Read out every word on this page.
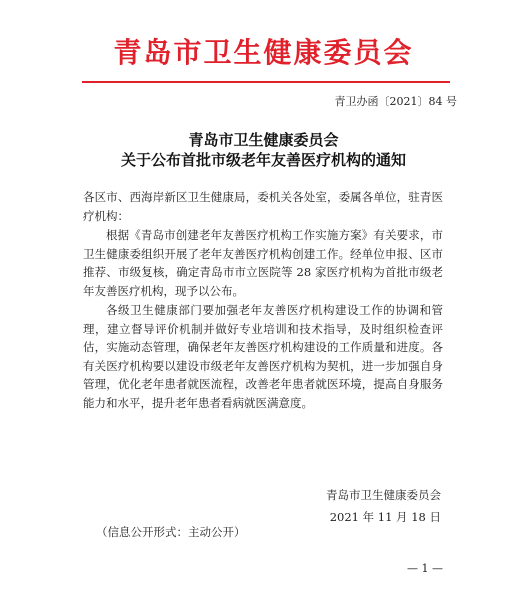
青岛市卫生健康委员会
青卫办函〔2021〕84 号
青岛市卫生健康委员会
关于公布首批市级老年友善医疗机构的通知

各区市、西海岸新区卫生健康局，委机关各处室，委属各单位，驻青医疗机构：

根据《青岛市创建老年友善医疗机构工作实施方案》有关要求，市卫生健康委组织开展了老年友善医疗机构创建工作。经单位申报、区市推荐、市级复核，确定青岛市市立医院等 28 家医疗机构为首批市级老年友善医疗机构，现予以公布。

各级卫生健康部门要加强老年友善医疗机构建设工作的协调和管理，建立督导评价机制并做好专业培训和技术指导，及时组织检查评估，实施动态管理，确保老年友善医疗机构建设的工作质量和进度。各有关医疗机构要以建设市级老年友善医疗机构为契机，进一步加强自身管理，优化老年患者就医流程，改善老年患者就医环境，提高自身服务能力和水平，提升老年患者看病就医满意度。

青岛市卫生健康委员会
2021 年 11 月 18 日
（信息公开形式：主动公开）
— 1 —
